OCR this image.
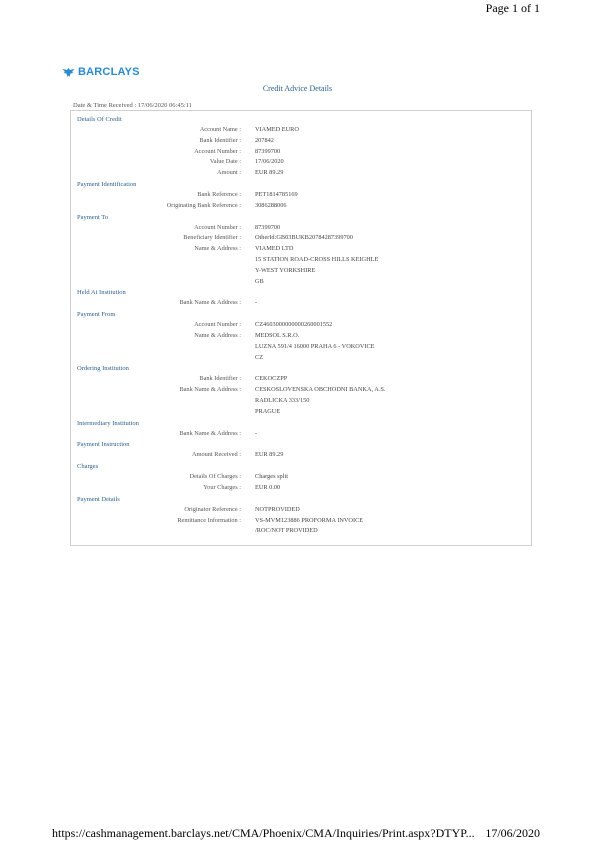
Page 1 of 1
BARCLAYS
Credit Advice Details
Date & Time Received : 17/06/2020 06:45:11
Details Of Credit
Account Name :	VIAMED EURO
Bank Identifier :	207842
Account Number :	87399700
Value Date :	17/06/2020
Amount :	EUR 89.29
Payment Identification
Bank Reference :	PET1814785169
Originating Bank Reference :	3086288006
Payment To
Account Number :	87399700
Beneficiary Identifier :	OtherId:GB03BUKB20784287399700
Name & Address :	VIAMED LTD
15 STATION ROAD-CROSS HILLS KEIGHLE
Y-WEST YORKSHIRE
GB
Held At Institution
Bank Name & Address :	-
Payment From
Account Number :	CZ4603000000000260001552
Name & Address :	MEDSOL S.R.O.
LUZNA 591/4 16000 PRAHA 6 - VOKOVICE
CZ
Ordering Institution
Bank Identifier :	CEKOCZPP
Bank Name & Address :	CESKOSLOVENSKA OBCHODNI BANKA, A.S.
RADLICKA 333/150
PRAGUE
Intermediary Institution
Bank Name & Address :	-
Payment Instruction
Amount Received :	EUR 89.29
Charges
Details Of Charges :	Charges split
Your Charges :	EUR 0.00
Payment Details
Originator Reference :	NOTPROVIDED
Remittance Information :	VS-MVM123886 PROFORMA INVOICE
/ROC/NOT PROVIDED
https://cashmanagement.barclays.net/CMA/Phoenix/CMA/Inquiries/Print.aspx?DTYP... 17/06/2020
